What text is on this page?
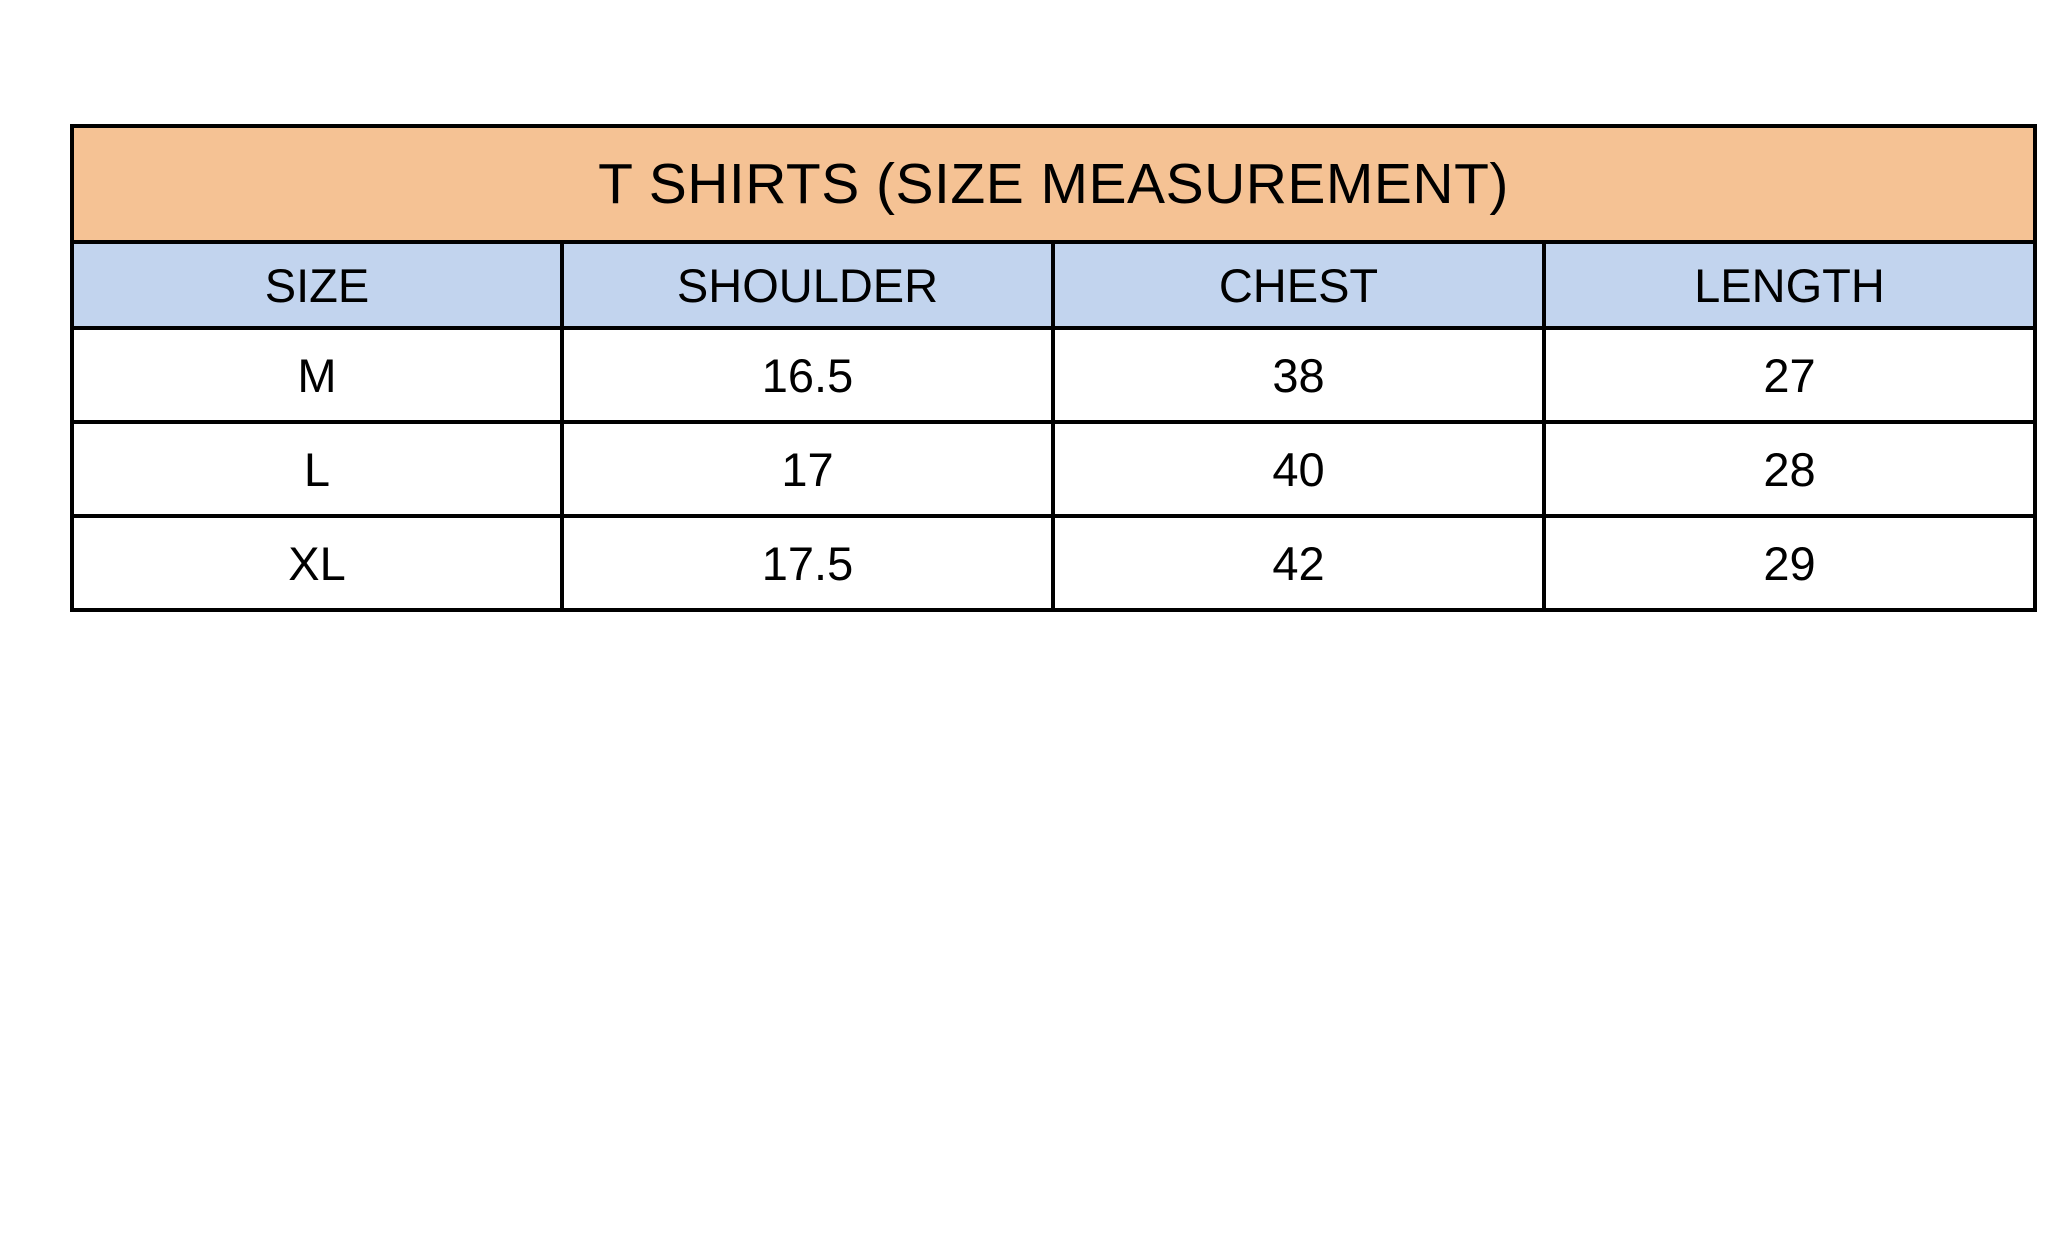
T SHIRTS (SIZE MEASUREMENT)			
SIZE	SHOULDER	CHEST	LENGTH
M	16.5	38	27
L	17	40	28
XL	17.5	42	29
